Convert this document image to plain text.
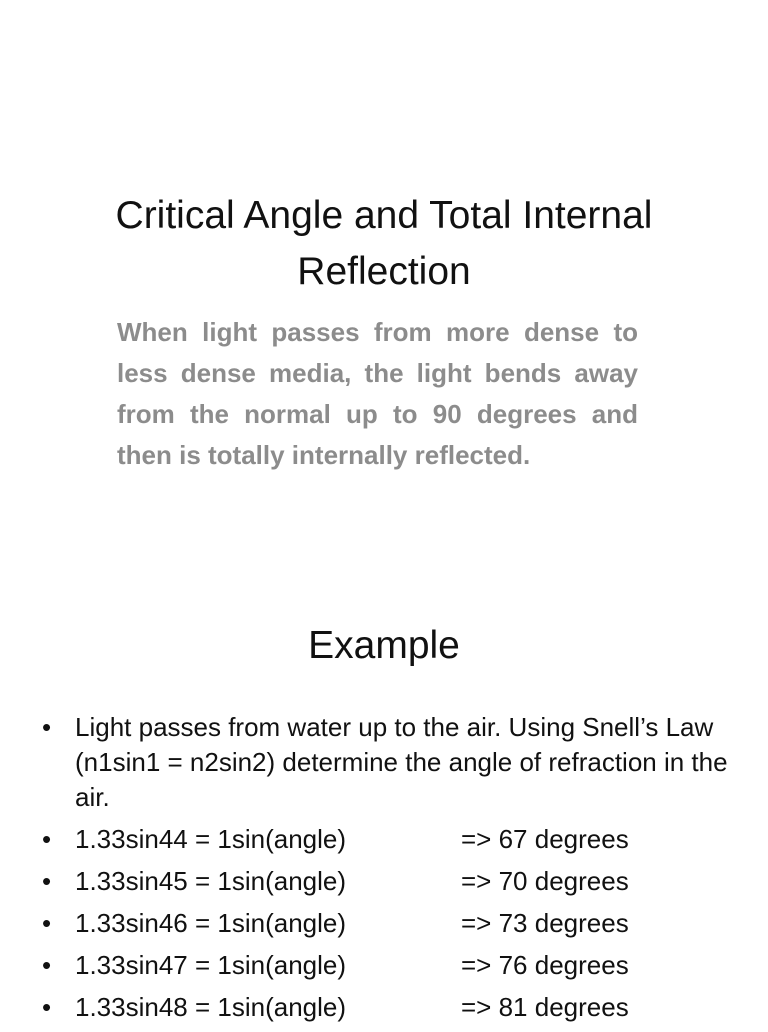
Critical Angle and Total Internal Reflection
When light passes from more dense to less dense media, the light bends away from the normal up to 90 degrees and then is totally internally reflected.
Example
• Light passes from water up to the air. Using Snell’s Law (n1sin1 = n2sin2) determine the angle of refraction in the air.
• 1.33sin44 = 1sin(angle)	=> 67 degrees
• 1.33sin45 = 1sin(angle)	=> 70 degrees
• 1.33sin46 = 1sin(angle)	=> 73 degrees
• 1.33sin47 = 1sin(angle)	=> 76 degrees
• 1.33sin48 = 1sin(angle)	=> 81 degrees
